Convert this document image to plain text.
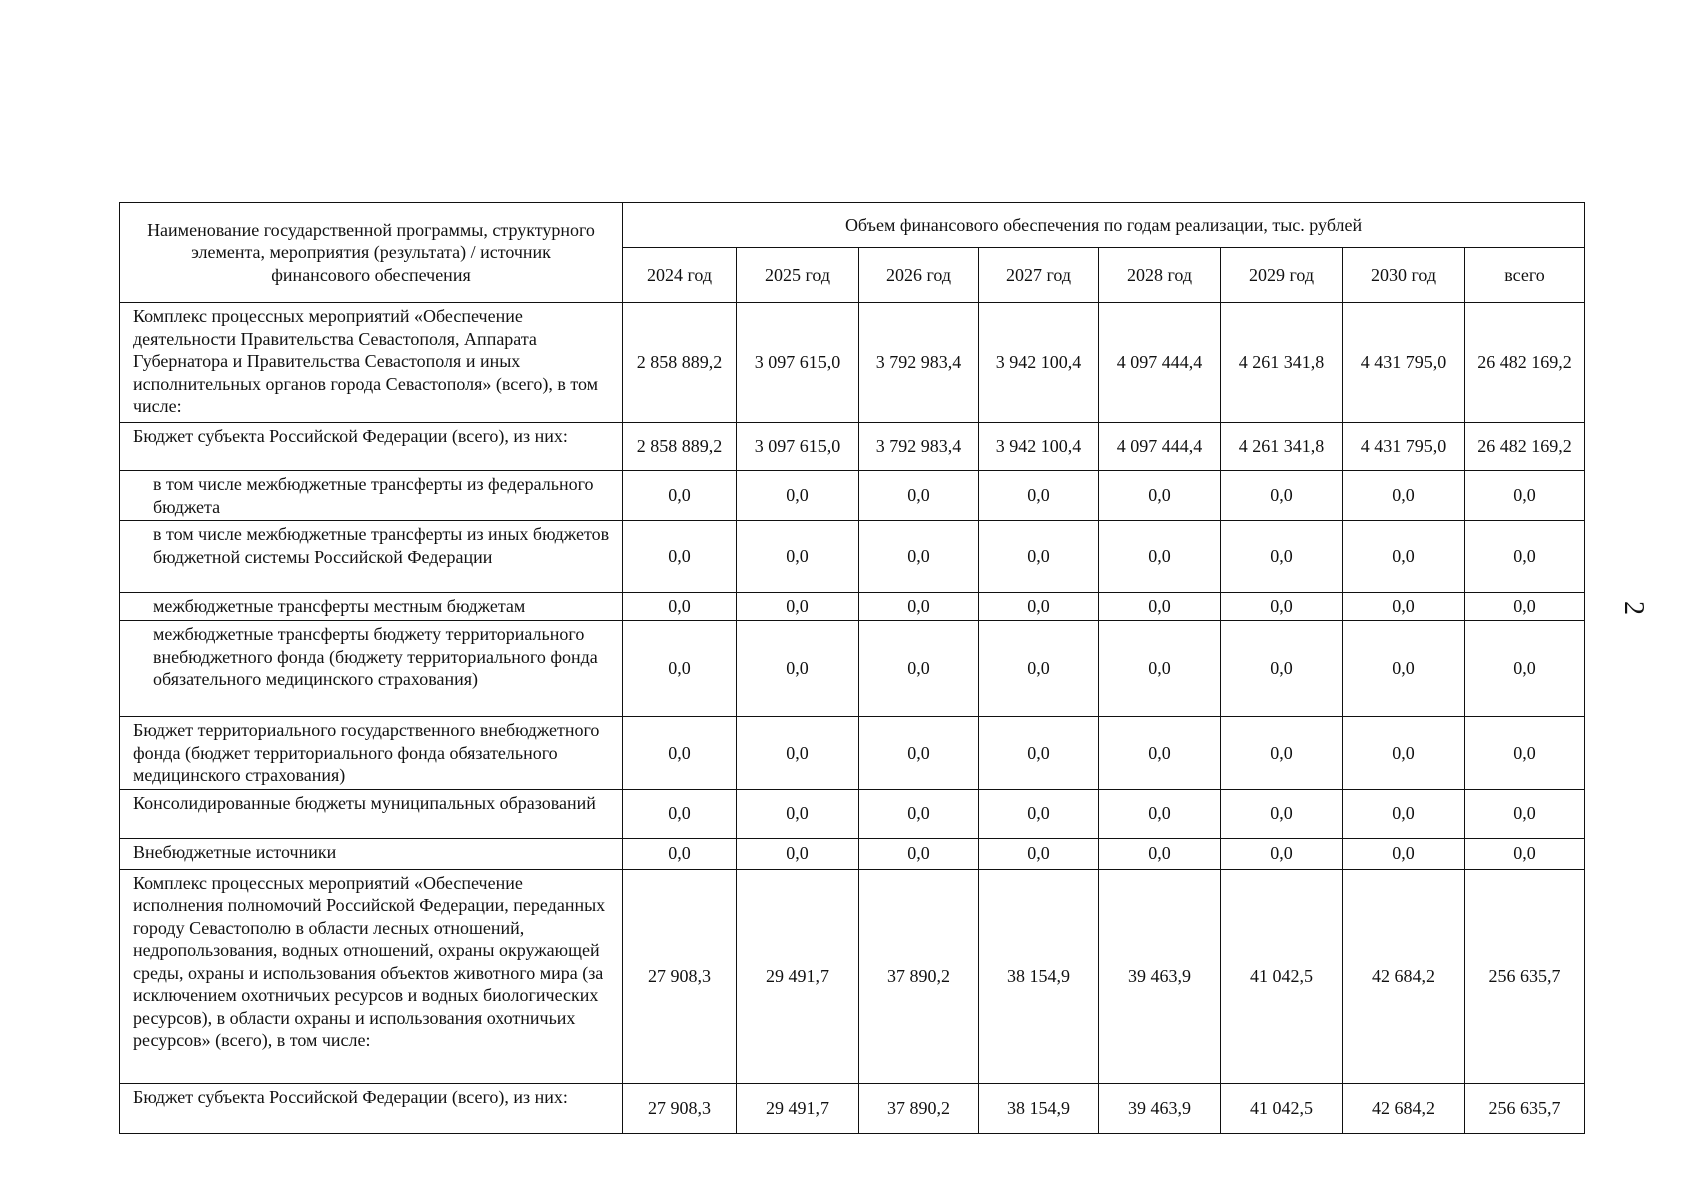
2
Наименование государственной программы, структурного элемента, мероприятия (результата) / источник финансового обеспечения	Объем финансового обеспечения по годам реализации, тыс. рублей							
	2024 год	2025 год	2026 год	2027 год	2028 год	2029 год	2030 год	всего
Комплекс процессных мероприятий «Обеспечение деятельности Правительства Севастополя, Аппарата Губернатора и Правительства Севастополя и иных исполнительных органов города Севастополя» (всего), в том числе:	2 858 889,2	3 097 615,0	3 792 983,4	3 942 100,4	4 097 444,4	4 261 341,8	4 431 795,0	26 482 169,2
Бюджет субъекта Российской Федерации (всего), из них:	2 858 889,2	3 097 615,0	3 792 983,4	3 942 100,4	4 097 444,4	4 261 341,8	4 431 795,0	26 482 169,2
в том числе межбюджетные трансферты из федерального бюджета	0,0	0,0	0,0	0,0	0,0	0,0	0,0	0,0
в том числе межбюджетные трансферты из иных бюджетов бюджетной системы Российской Федерации	0,0	0,0	0,0	0,0	0,0	0,0	0,0	0,0
межбюджетные трансферты местным бюджетам	0,0	0,0	0,0	0,0	0,0	0,0	0,0	0,0
межбюджетные трансферты бюджету территориального внебюджетного фонда (бюджету территориального фонда обязательного медицинского страхования)	0,0	0,0	0,0	0,0	0,0	0,0	0,0	0,0
Бюджет территориального государственного внебюджетного фонда (бюджет территориального фонда обязательного медицинского страхования)	0,0	0,0	0,0	0,0	0,0	0,0	0,0	0,0
Консолидированные бюджеты муниципальных образований	0,0	0,0	0,0	0,0	0,0	0,0	0,0	0,0
Внебюджетные источники	0,0	0,0	0,0	0,0	0,0	0,0	0,0	0,0
Комплекс процессных мероприятий «Обеспечение исполнения полномочий Российской Федерации, переданных городу Севастополю в области лесных отношений, недропользования, водных отношений, охраны окружающей среды, охраны и использования объектов животного мира (за исключением охотничьих ресурсов и водных биологических ресурсов), в области охраны и использования охотничьих ресурсов» (всего), в том числе:	27 908,3	29 491,7	37 890,2	38 154,9	39 463,9	41 042,5	42 684,2	256 635,7
Бюджет субъекта Российской Федерации (всего), из них:	27 908,3	29 491,7	37 890,2	38 154,9	39 463,9	41 042,5	42 684,2	256 635,7
